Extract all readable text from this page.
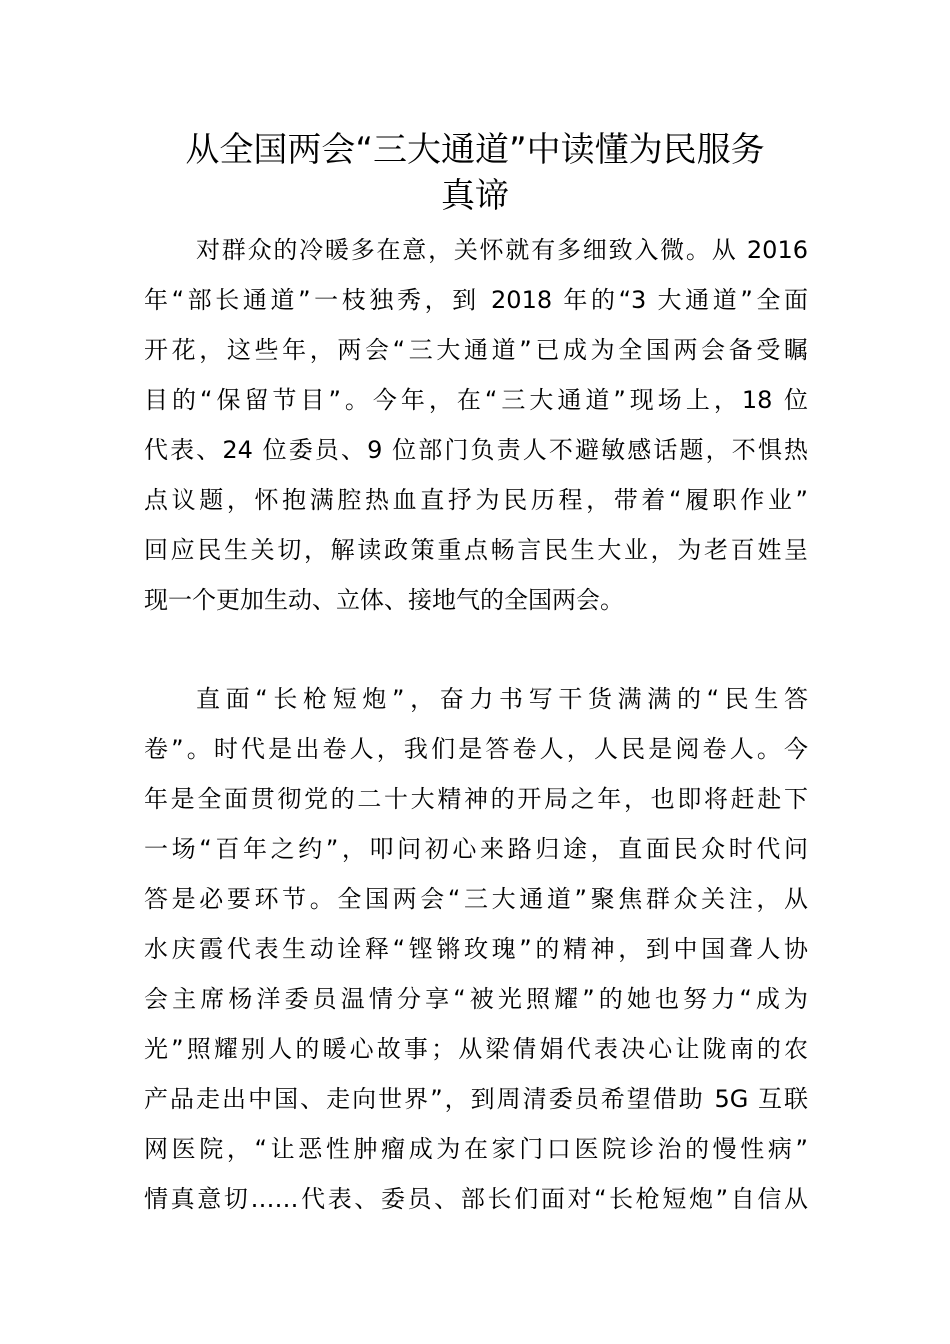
从全国两会“三大通道”中读懂为民服务
真谛
对群众的冷暖多在意，关怀就有多细致入微。从 2016
年“部长通道”一枝独秀，到 2018 年的“3 大通道”全面
开花，这些年，两会“三大通道”已成为全国两会备受瞩
目的“保留节目”。今年，在“三大通道”现场上，18 位
代表、24 位委员、9 位部门负责人不避敏感话题，不惧热
点议题，怀抱满腔热血直抒为民历程，带着“履职作业”
回应民生关切，解读政策重点畅言民生大业，为老百姓呈
现一个更加生动、立体、接地气的全国两会。
直面“长枪短炮”，奋力书写干货满满的“民生答
卷”。时代是出卷人，我们是答卷人，人民是阅卷人。今
年是全面贯彻党的二十大精神的开局之年，也即将赶赴下
一场“百年之约”，叩问初心来路归途，直面民众时代问
答是必要环节。全国两会“三大通道”聚焦群众关注，从
水庆霞代表生动诠释“铿锵玫瑰”的精神，到中国聋人协
会主席杨洋委员温情分享“被光照耀”的她也努力“成为
光”照耀别人的暖心故事；从梁倩娟代表决心让陇南的农
产品走出中国、走向世界”，到周清委员希望借助 5G 互联
网医院，“让恶性肿瘤成为在家门口医院诊治的慢性病”
情真意切……代表、委员、部长们面对“长枪短炮”自信从
